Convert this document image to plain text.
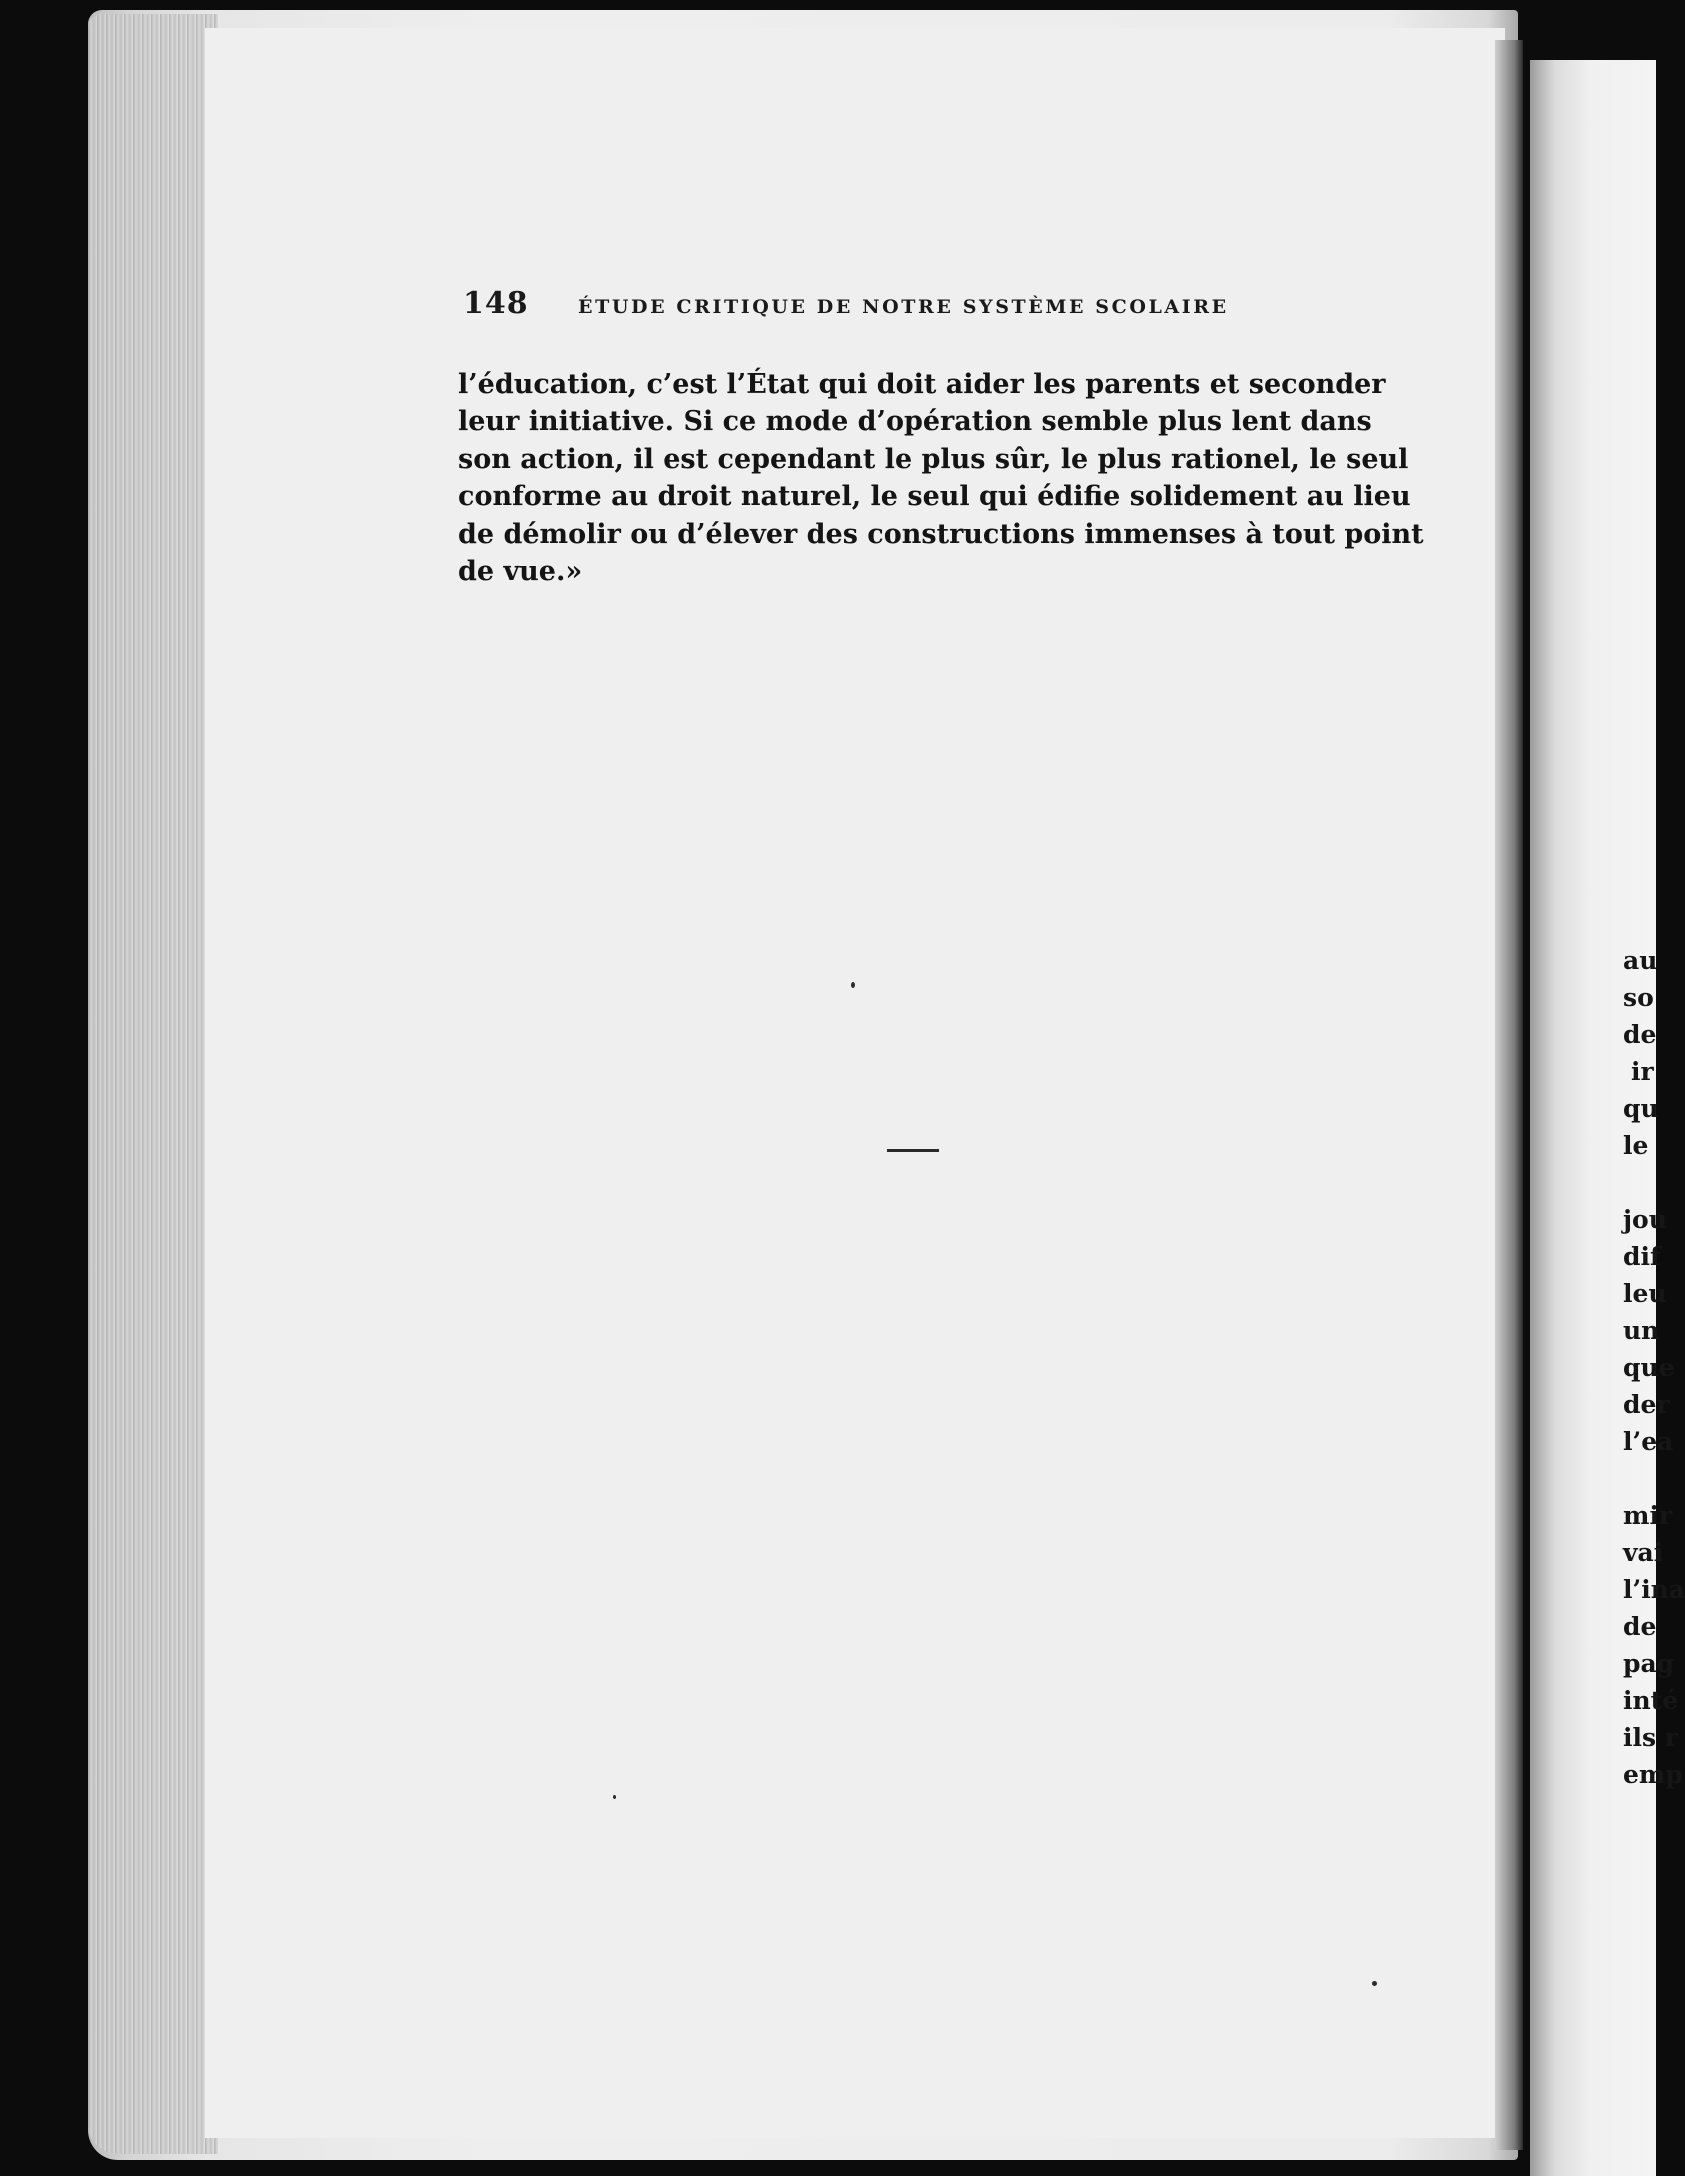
148	ÉTUDE CRITIQUE DE NOTRE SYSTÈME SCOLAIRE
l’éducation, c’est l’État qui doit aider les parents et seconder
leur initiative. Si ce mode d’opération semble plus lent dans
son action, il est cependant le plus sûr, le plus rationel, le seul
conforme au droit naturel, le seul qui édifie solidement au lieu
de démolir ou d’élever des constructions immenses à tout point
de vue.»
au
so
de
ir
qu
le
jou
dif
leu
un
que
der
l’ea
mir
vai
l’ina
de
pag
inté
ils r
emp
